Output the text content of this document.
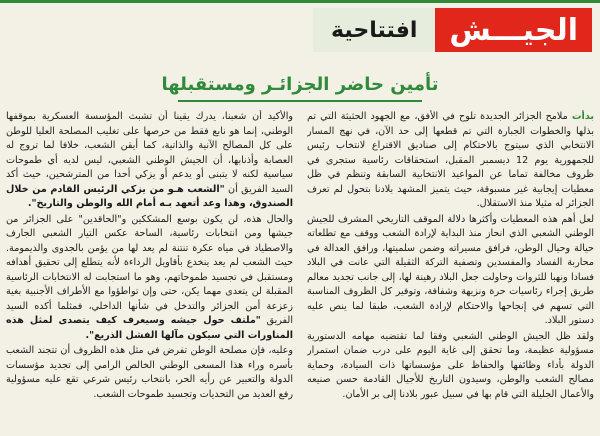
الجيـــش
افتتاحية
تأمين حاضر الجزائـر ومستقبلها

بدأت ملامح الجزائر الجديدة تلوح في الأفق، مع الجهود الحثيثة التي تم بذلها والخطوات الجبارة التي تم قطعها إلى حد الآن، في نهج المسار الانتخابي الذي سيتوج بالاحتكام إلى صناديق الاقتراع لانتخاب رئيس للجمهورية يوم 12 ديسمبر المقبل، استحقاقات رئاسية ستجرى في ظروف مخالفة تماما عن المواعيد الانتخابية السابقة وتنظم في ظل معطيات إيجابية غير مسبوقة، حيث يتميز المشهد بلادنا بتحول لم تعرف الجزائر له مثيلا منذ الاستقلال.

لعل أهم هذه المعطيات وأكثرها دلالة الموقف التاريخي المشرف للجيش الوطني الشعبي الذي انحاز منذ البداية لإرادة الشعب ووقف مع تطلعاته حيالة وحيال الوطن، فرافق مسيراته وضمن سلميتها، ورافق العدالة في محاربة الفساد والمفسدين وتصفية التركة الثقيلة التي عانت في البلاد فسادا ونهبا للثروات وحاولت جعل البلاد رهينة لها، إلى جانب تجديد معالم طريق إجراء رئاسيات حرة ونزيهة وشفافة، وتوفير كل الظروف المناسبة التي تسهم في إنجاحها والاحتكام لإرادة الشعب، طبقا لما ينص عليه دستور البلاد.

ولقد ظل الجيش الوطني الشعبي وفقا لما تقتضيه مهامه الدستورية مسؤولية عظيمة، وما تحقق إلى غاية اليوم على درب ضمان استمرار الدولة بأداء وظائفها والحفاظ على مؤسساتها ذات السيادة، وحماية مصالح الشعب والوطن، وسيدون التاريخ للأجيال القادمة حسن صنيعه والأعمال الجليلة التي قام بها في سبيل عبور بلادنا إلى بر الأمان.

والأكيد أن شعبنا، يدرك يقينا أن تشبث المؤسسة العسكرية بموقفها الوطني، إنما هو نابع فقط من حرصها على تغليب المصلحة العليا للوطن على كل المصالح الآنية والذاتية، كما أيقن الشعب، خلافا لما تروج له العصابة وأذنابها، أن الجيش الوطني الشعبي، ليس لديه أي طموحات سياسية لكنه لا يتبنى أو يدعم أو يزكي أحدا من المترشحين، حيث أكد السيد الفريق أن "الشعب هـو من يزكي الرئيس القادم من خلال الصندوق، وهذا وعد أتعهد بـه أمام الله والوطن والتاريخ".

والحال هذه، لن يكون بوسع المشككين و"الحاقدين" على الجزائر من جيشها ومن انتخابات رئاسية، الساحة عكس التيار الشعبي الجارف والاصطياد في مياه عكرة تنتنة لم يعد لها من يؤمن بالجدوى والديمومة. حيث الشعب لم يعد ينخدع بأقاويل الرداءة لأنه يتطلع إلى تحقيق أهدافه ومستقبل في تجسيد طموحاتهم، وهو ما استجابت له الانتخابات الرئاسية المقبلة لن يتعدى مهما يكن، حتى وإن تواطؤوا مع الأطراف الأجنبية بغية زعزعة أمن الجزائر والتدخل في شأنها الداخلي، فمثلما أكده السيد الفريق "ملتف حول جيشه وسيعرف كيف يتصدى لمثل هذه المناورات التي سيكون مآلها الفشل الذريع".

وعليه، فإن مصلحة الوطن تفرض في مثل هذه الظروف أن تتجند الشعب بأسره وراء هذا المسعى الوطني الخالص الرامي إلى تجديد مؤسسات الدولة والتعبير عن رأيه الحر، بانتخاب رئيس شرعي تقع عليه مسؤولية رفع العديد من التحديات وتجسيد طموحات الشعب.
